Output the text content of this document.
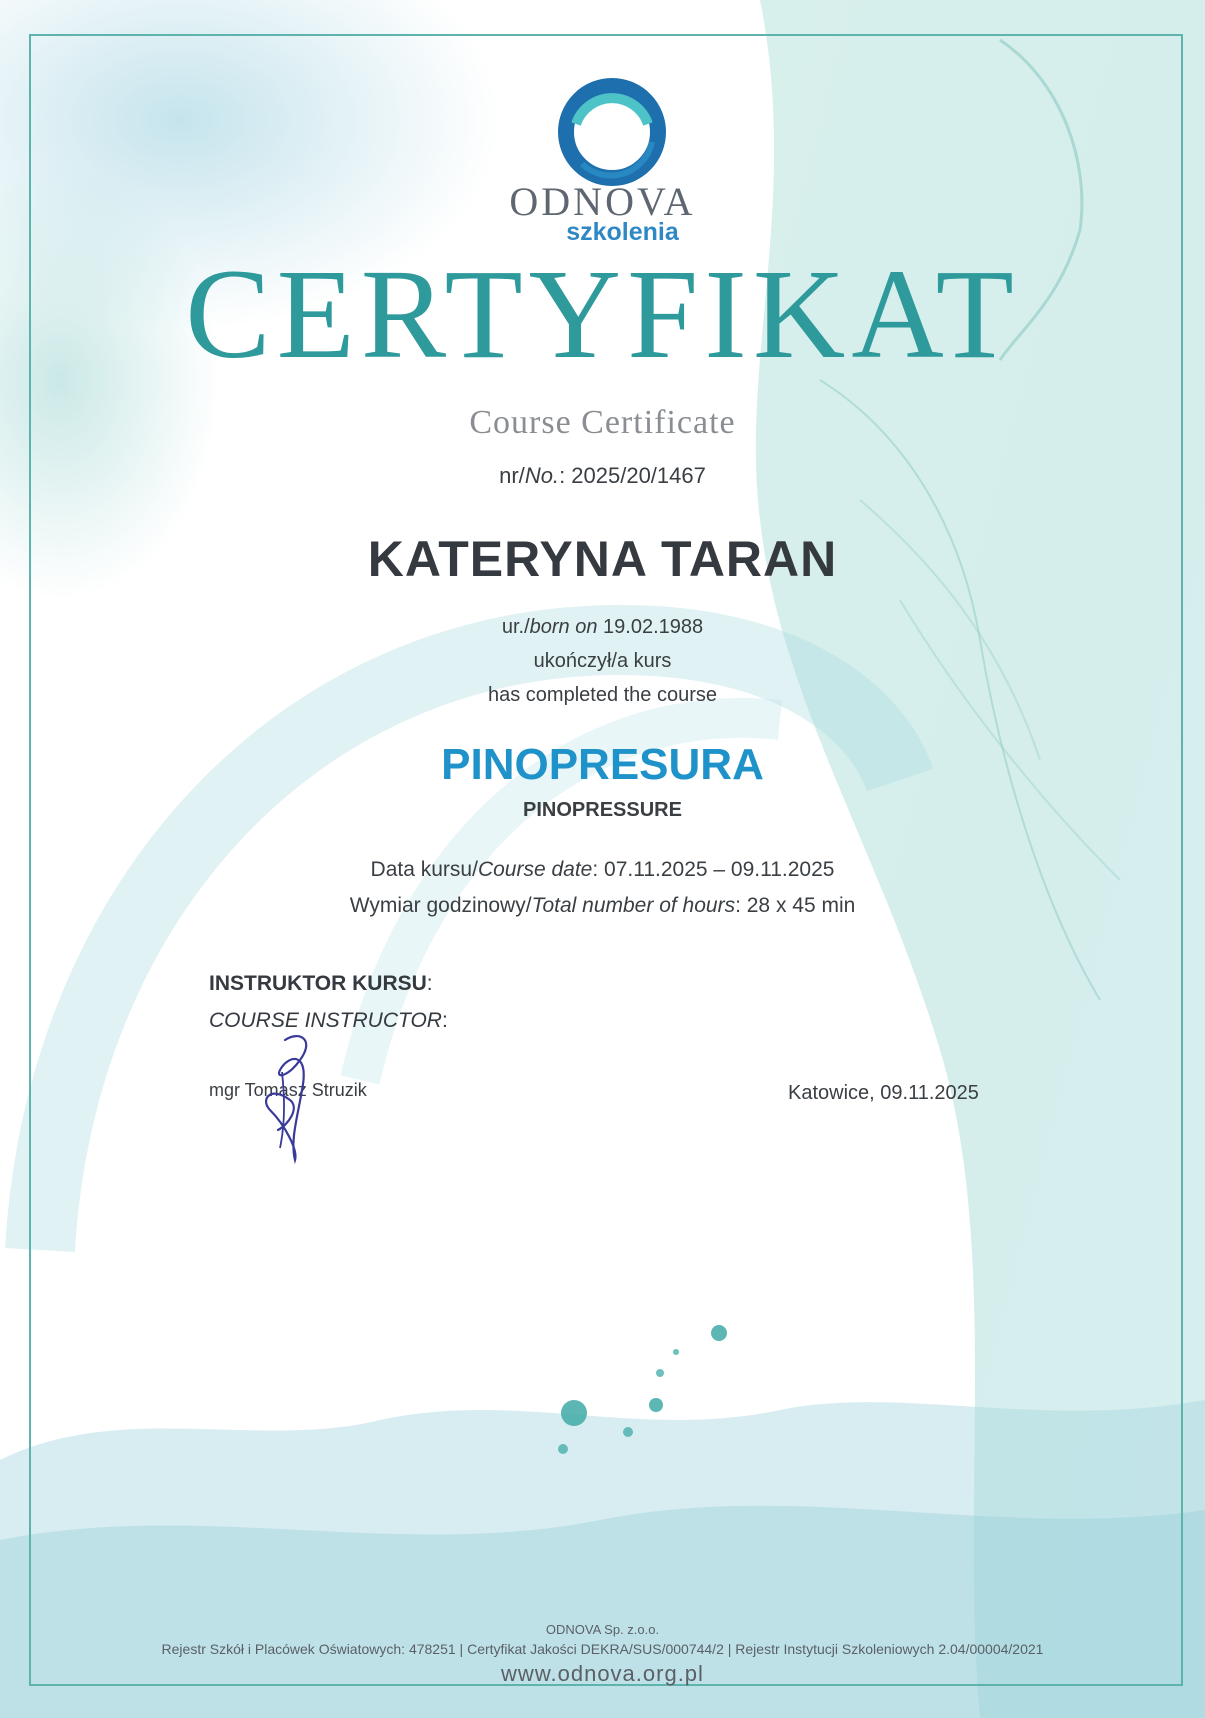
ODNOVA
szkolenia
CERTYFIKAT
Course Certificate
nr/No.: 2025/20/1467
KATERYNA TARAN
ur./born on 19.02.1988
ukończył/a kurs
has completed the course
PINOPRESURA
PINOPRESSURE
Data kursu/Course date: 07.11.2025 – 09.11.2025
Wymiar godzinowy/Total number of hours: 28 x 45 min
INSTRUKTOR KURSU:
COURSE INSTRUCTOR:
mgr Tomasz Struzik	Katowice, 09.11.2025
ODNOVA Sp. z.o.o.
Rejestr Szkół i Placówek Oświatowych: 478251 | Certyfikat Jakości DEKRA/SUS/000744/2 | Rejestr Instytucji Szkoleniowych 2.04/00004/2021
www.odnova.org.pl
